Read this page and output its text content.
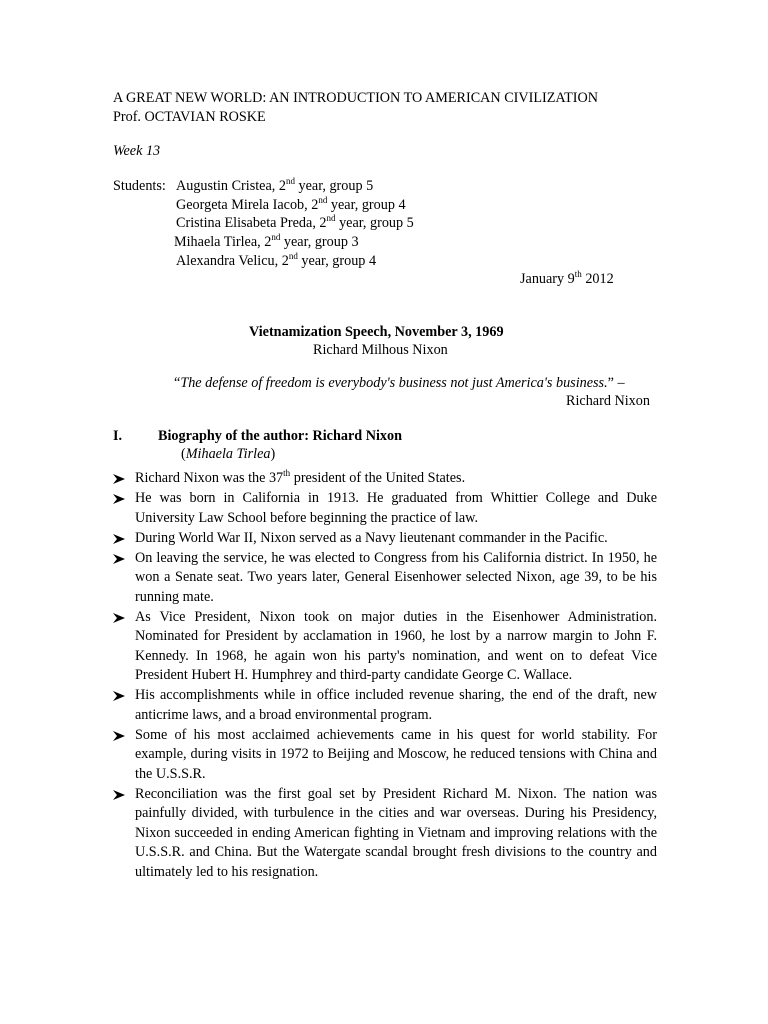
A GREAT NEW WORLD: AN INTRODUCTION TO AMERICAN CIVILIZATION
Prof. OCTAVIAN ROSKE
Week 13
Students: Augustin Cristea, 2nd year, group 5
Georgeta Mirela Iacob, 2nd year, group 4
Cristina Elisabeta Preda, 2nd year, group 5
Mihaela Tirlea, 2nd year, group 3
Alexandra Velicu, 2nd year, group 4
January 9th 2012
Vietnamization Speech, November 3, 1969
Richard Milhous Nixon
“The defense of freedom is everybody's business not just America's business.” –
Richard Nixon
I.	Biography of the author: Richard Nixon
(Mihaela Tirlea)
Richard Nixon was the 37th president of the United States.
He was born in California in 1913. He graduated from Whittier College and Duke University Law School before beginning the practice of law.
During World War II, Nixon served as a Navy lieutenant commander in the Pacific.
On leaving the service, he was elected to Congress from his California district. In 1950, he won a Senate seat. Two years later, General Eisenhower selected Nixon, age 39, to be his running mate.
As Vice President, Nixon took on major duties in the Eisenhower Administration. Nominated for President by acclamation in 1960, he lost by a narrow margin to John F. Kennedy. In 1968, he again won his party's nomination, and went on to defeat Vice President Hubert H. Humphrey and third-party candidate George C. Wallace.
His accomplishments while in office included revenue sharing, the end of the draft, new anticrime laws, and a broad environmental program.
Some of his most acclaimed achievements came in his quest for world stability. For example, during visits in 1972 to Beijing and Moscow, he reduced tensions with China and the U.S.S.R.
Reconciliation was the first goal set by President Richard M. Nixon. The nation was painfully divided, with turbulence in the cities and war overseas. During his Presidency, Nixon succeeded in ending American fighting in Vietnam and improving relations with the U.S.S.R. and China. But the Watergate scandal brought fresh divisions to the country and ultimately led to his resignation.
